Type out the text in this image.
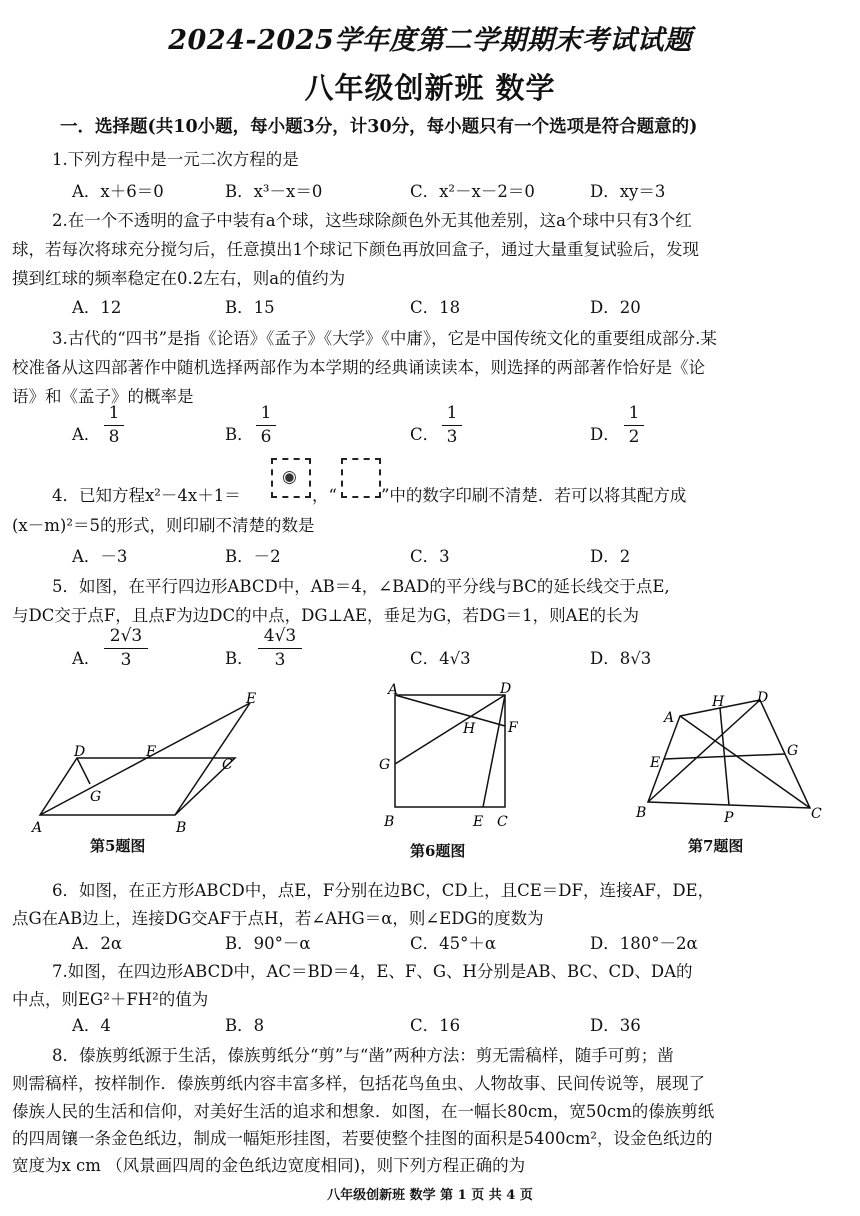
2024-2025学年度第二学期期末考试试题
八年级创新班 数学
一．选择题(共10小题，每小题3分，计30分，每小题只有一个选项是符合题意的)
1.下列方程中是一元二次方程的是
A．x＋6＝0	B．x³－x＝0	C．x²－x－2＝0	D．xy＝3
2.在一个不透明的盒子中装有a个球，这些球除颜色外无其他差别，这a个球中只有3个红
球，若每次将球充分搅匀后，任意摸出1个球记下颜色再放回盒子，通过大量重复试验后，发现
摸到红球的频率稳定在0.2左右，则a的值约为
A．12	B．15	C．18	D．20
3.古代的“四书”是指《论语》《孟子》《大学》《中庸》，它是中国传统文化的重要组成部分.某
校准备从这四部著作中随机选择两部作为本学期的经典诵读读本，则选择的两部著作恰好是《论
语》和《孟子》的概率是
A．
1
8	B．
1
6	C．
1
3	D．
1
2
4．已知方程x²－4x＋1＝
◉
，“	”中的数字印刷不清楚．若可以将其配方成
(x－m)²＝5的形式，则印刷不清楚的数是
A．－3	B．－2	C．3	D．2
5．如图，在平行四边形ABCD中，AB＝4，∠BAD的平分线与BC的延长线交于点E,
与DC交于点F，且点F为边DC的中点，DG⊥AE，垂足为G，若DG＝1，则AE的长为
A．
2√3
3	B．
4√3
3	C．4√3	D．8√3
A	B
C
D
E
F
G
第5题图
A
B	C
D
E
F
G
H
第6题图
A
B	C
D
E
G
H
P
第7题图
6．如图，在正方形ABCD中，点E，F分别在边BC，CD上，且CE＝DF，连接AF，DE，
点G在AB边上，连接DG交AF于点H，若∠AHG＝α，则∠EDG的度数为
A．2α	B．90°－α	C．45°＋α	D．180°－2α
7.如图，在四边形ABCD中，AC＝BD＝4，E、F、G、H分别是AB、BC、CD、DA的
中点，则EG²＋FH²的值为
A．4	B．8	C．16	D．36
8．傣族剪纸源于生活，傣族剪纸分“剪”与“凿”两种方法：剪无需稿样，随手可剪；凿
则需稿样，按样制作．傣族剪纸内容丰富多样，包括花鸟鱼虫、人物故事、民间传说等，展现了
傣族人民的生活和信仰，对美好生活的追求和想象．如图，在一幅长80cm，宽50cm的傣族剪纸
的四周镶一条金色纸边，制成一幅矩形挂图，若要使整个挂图的面积是5400cm²，设金色纸边的
宽度为x cm （风景画四周的金色纸边宽度相同)，则下列方程正确的为
八年级创新班 数学 第 1 页 共 4 页
